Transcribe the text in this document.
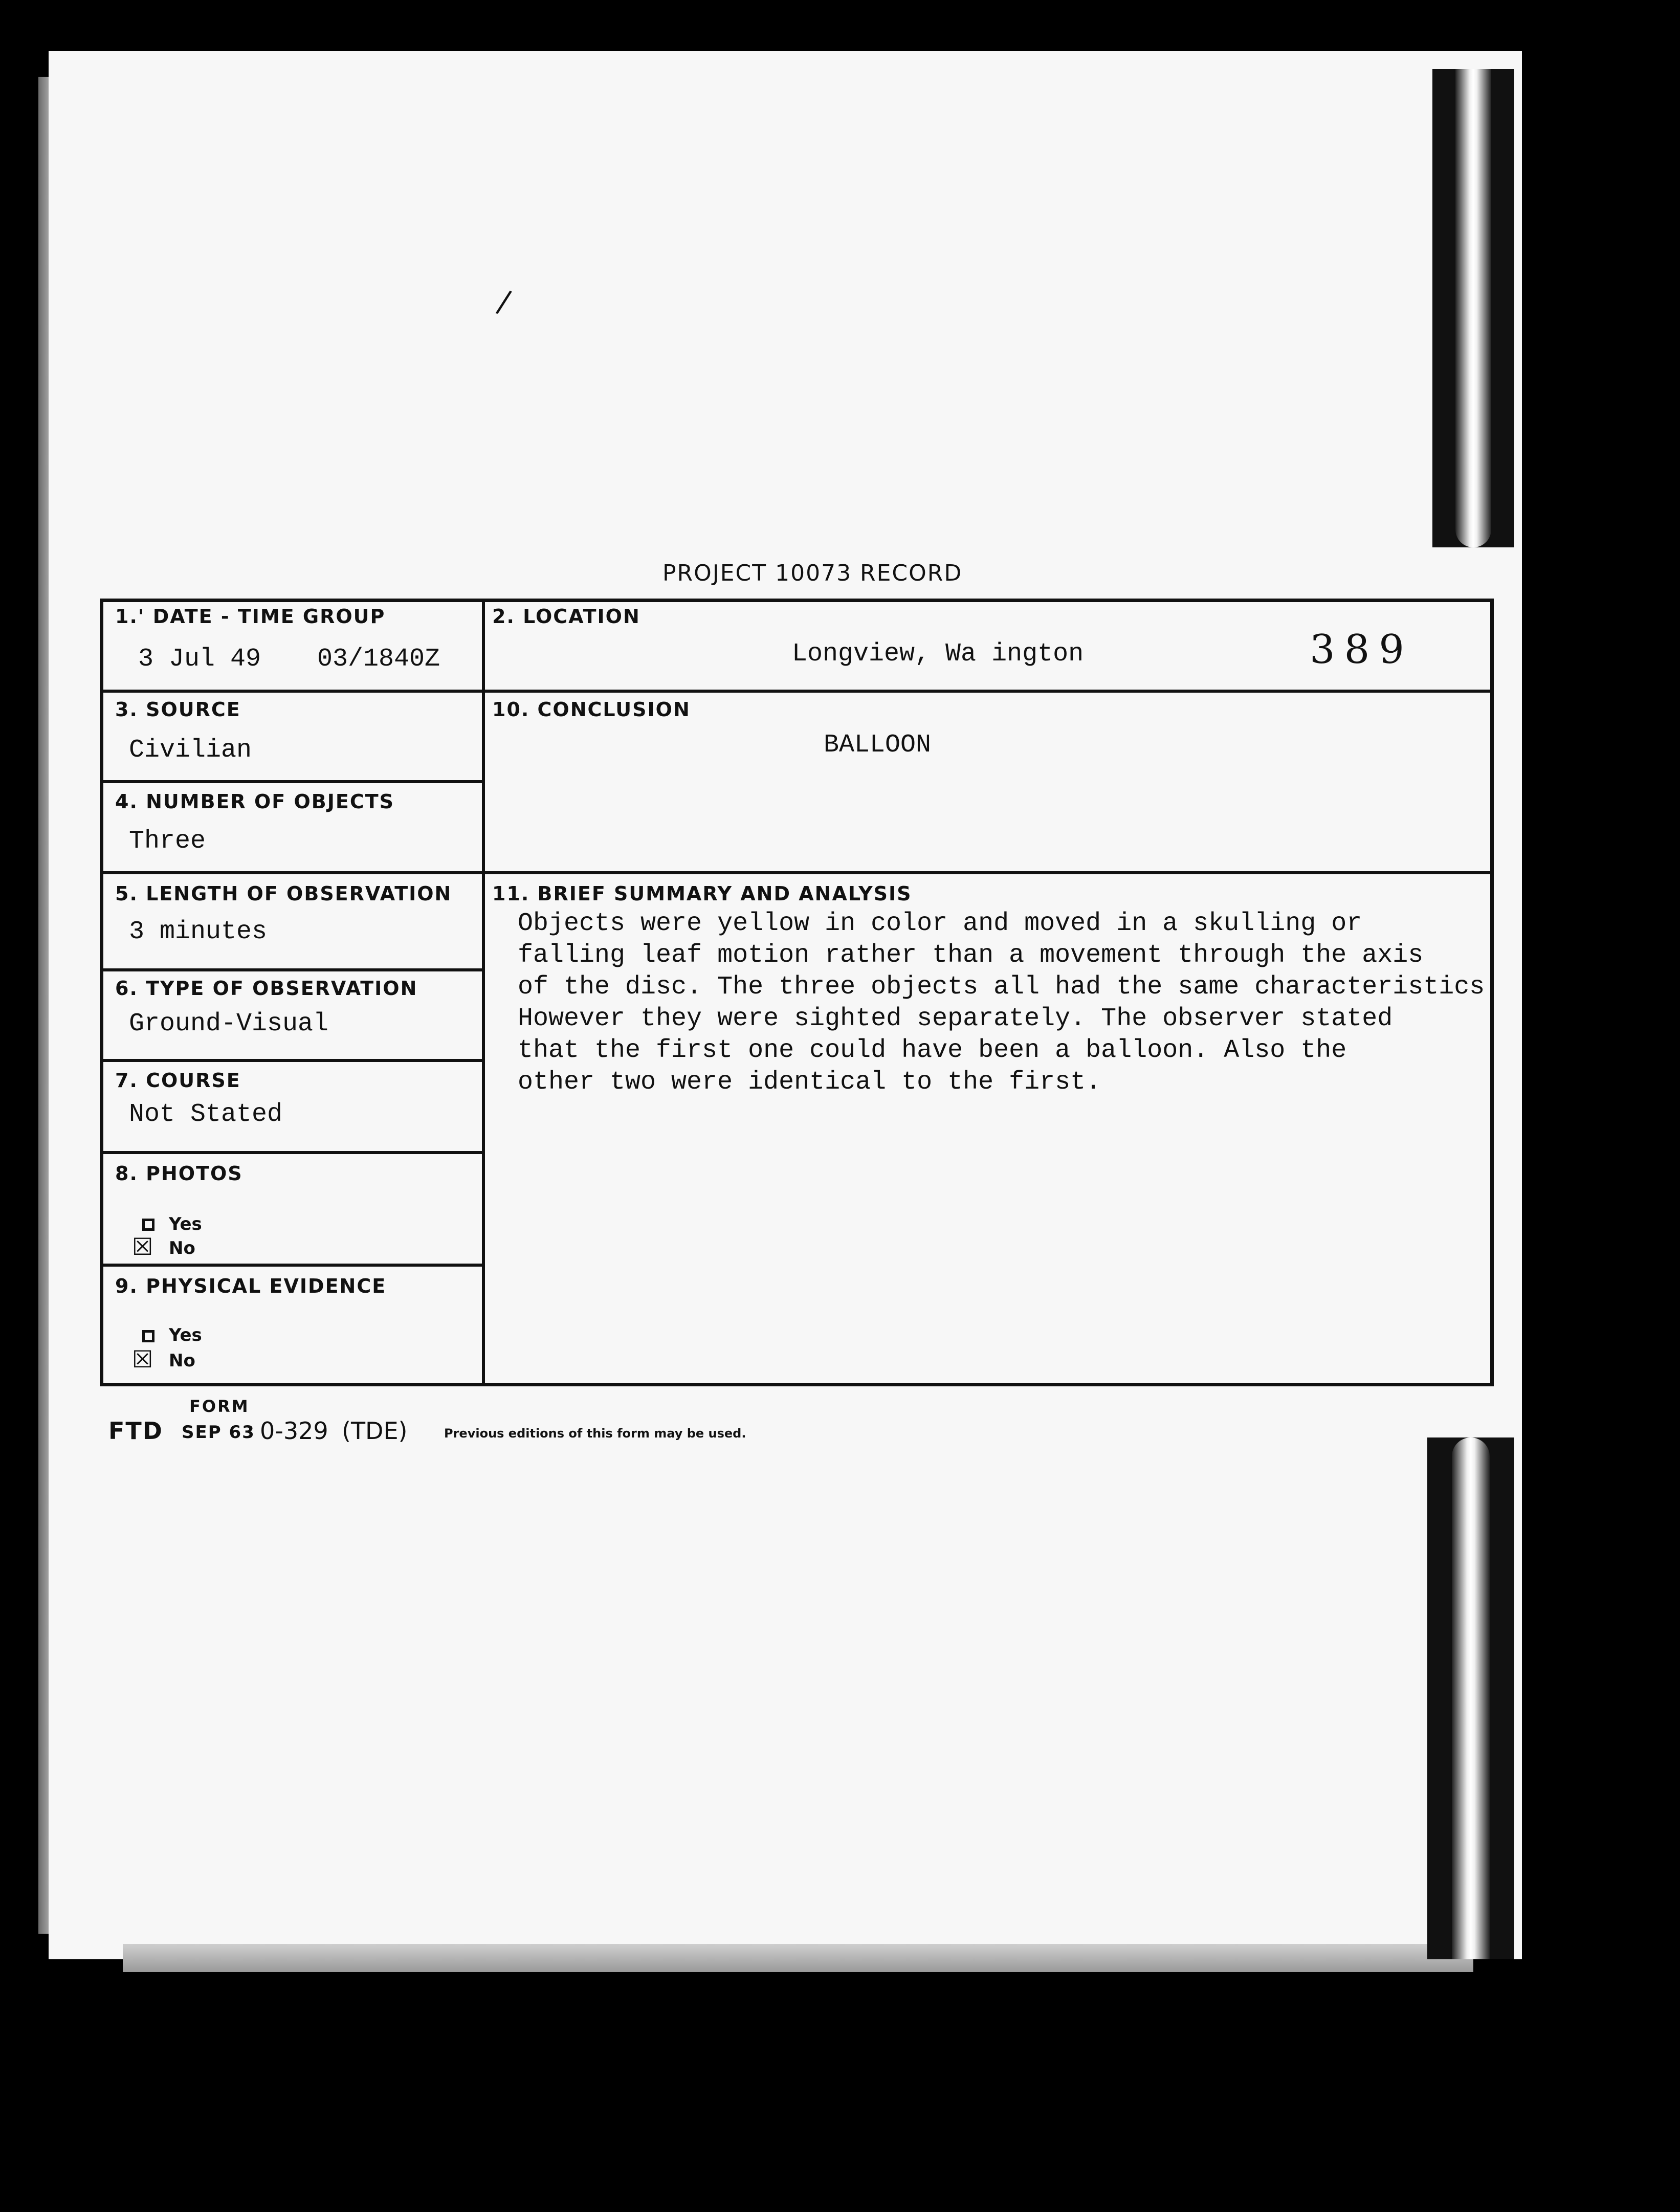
/
PROJECT 10073 RECORD
1.' DATE - TIME GROUP
3 Jul 49 03/1840Z
2. LOCATION
Longview, Wa ington	389
3. SOURCE
Civilian
10. CONCLUSION
BALLOON
4. NUMBER OF OBJECTS
Three
5. LENGTH OF OBSERVATION
3 minutes
11. BRIEF SUMMARY AND ANALYSIS
Objects were yellow in color and moved in a skulling or
falling leaf motion rather than a movement through the axis
of the disc. The three objects all had the same characteristics
However they were sighted separately. The observer stated
that the first one could have been a balloon. Also the
other two were identical to the first.
6. TYPE OF OBSERVATION
Ground-Visual
7. COURSE
Not Stated
8. PHOTOS
Yes
☒ No
9. PHYSICAL EVIDENCE
Yes
☒ No
FORM
FTD SEP 63 0-329 (TDE)	Previous editions of this form may be used.
